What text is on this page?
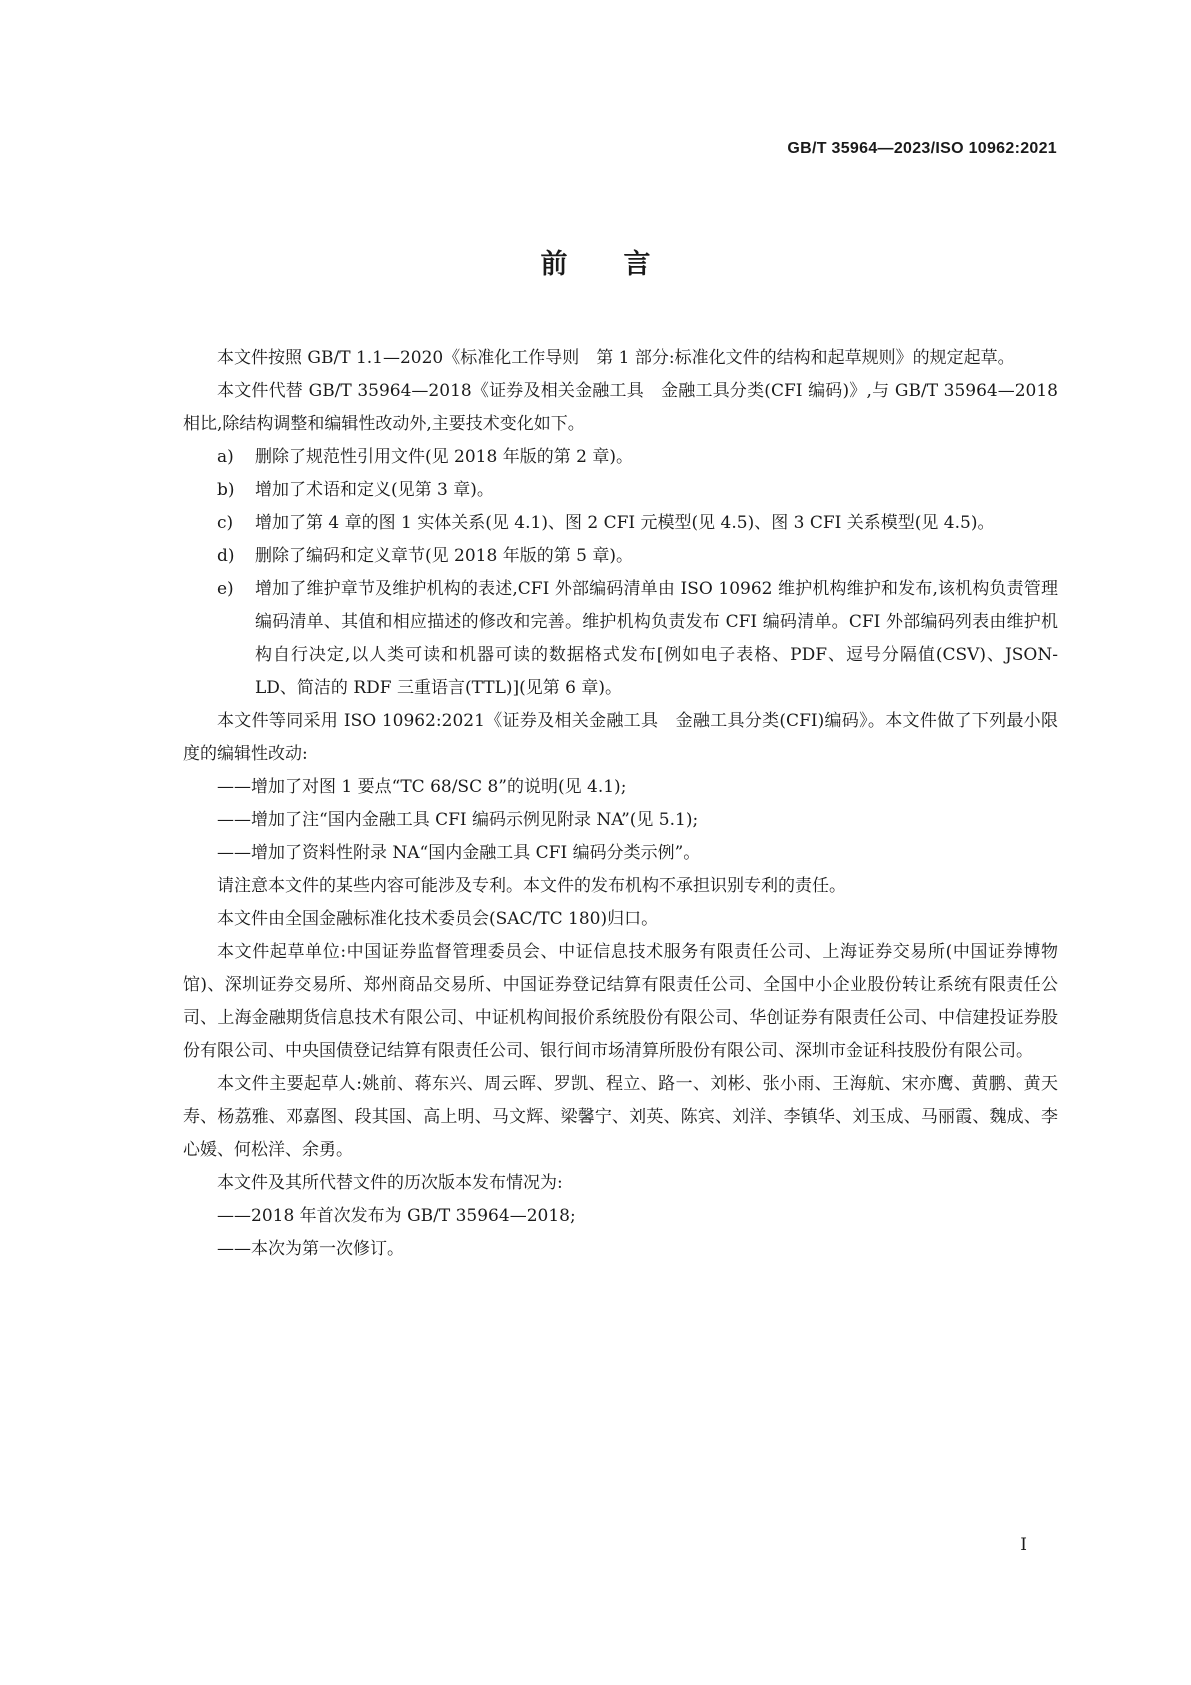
GB/T 35964—2023/ISO 10962:2021

前言

本文件按照 GB/T 1.1—2020《标准化工作导则　第 1 部分:标准化文件的结构和起草规则》的规定起草。

本文件代替 GB/T 35964—2018《证券及相关金融工具　金融工具分类(CFI 编码)》,与 GB/T 35964—2018 相比,除结构调整和编辑性改动外,主要技术变化如下。

a)	删除了规范性引用文件(见 2018 年版的第 2 章)。
b)	增加了术语和定义(见第 3 章)。
c)	增加了第 4 章的图 1 实体关系(见 4.1)、图 2 CFI 元模型(见 4.5)、图 3 CFI 关系模型(见 4.5)。
d)	删除了编码和定义章节(见 2018 年版的第 5 章)。
e)	增加了维护章节及维护机构的表述,CFI 外部编码清单由 ISO 10962 维护机构维护和发布,该机构负责管理编码清单、其值和相应描述的修改和完善。维护机构负责发布 CFI 编码清单。CFI 外部编码列表由维护机构自行决定,以人类可读和机器可读的数据格式发布[例如电子表格、PDF、逗号分隔值(CSV)、JSON-LD、简洁的 RDF 三重语言(TTL)](见第 6 章)。

本文件等同采用 ISO 10962:2021《证券及相关金融工具　金融工具分类(CFI)编码》。本文件做了下列最小限度的编辑性改动:

——增加了对图 1 要点“TC 68/SC 8”的说明(见 4.1);

——增加了注“国内金融工具 CFI 编码示例见附录 NA”(见 5.1);

——增加了资料性附录 NA“国内金融工具 CFI 编码分类示例”。

请注意本文件的某些内容可能涉及专利。本文件的发布机构不承担识别专利的责任。

本文件由全国金融标准化技术委员会(SAC/TC 180)归口。

本文件起草单位:中国证券监督管理委员会、中证信息技术服务有限责任公司、上海证券交易所(中国证券博物馆)、深圳证券交易所、郑州商品交易所、中国证券登记结算有限责任公司、全国中小企业股份转让系统有限责任公司、上海金融期货信息技术有限公司、中证机构间报价系统股份有限公司、华创证券有限责任公司、中信建投证券股份有限公司、中央国债登记结算有限责任公司、银行间市场清算所股份有限公司、深圳市金证科技股份有限公司。

本文件主要起草人:姚前、蒋东兴、周云晖、罗凯、程立、路一、刘彬、张小雨、王海航、宋亦鹰、黄鹏、黄天寿、杨荔雅、邓嘉图、段其国、高上明、马文辉、梁馨宁、刘英、陈宾、刘洋、李镇华、刘玉成、马丽霞、魏成、李心媛、何松洋、余勇。

本文件及其所代替文件的历次版本发布情况为:

——2018 年首次发布为 GB/T 35964—2018;

——本次为第一次修订。

I
